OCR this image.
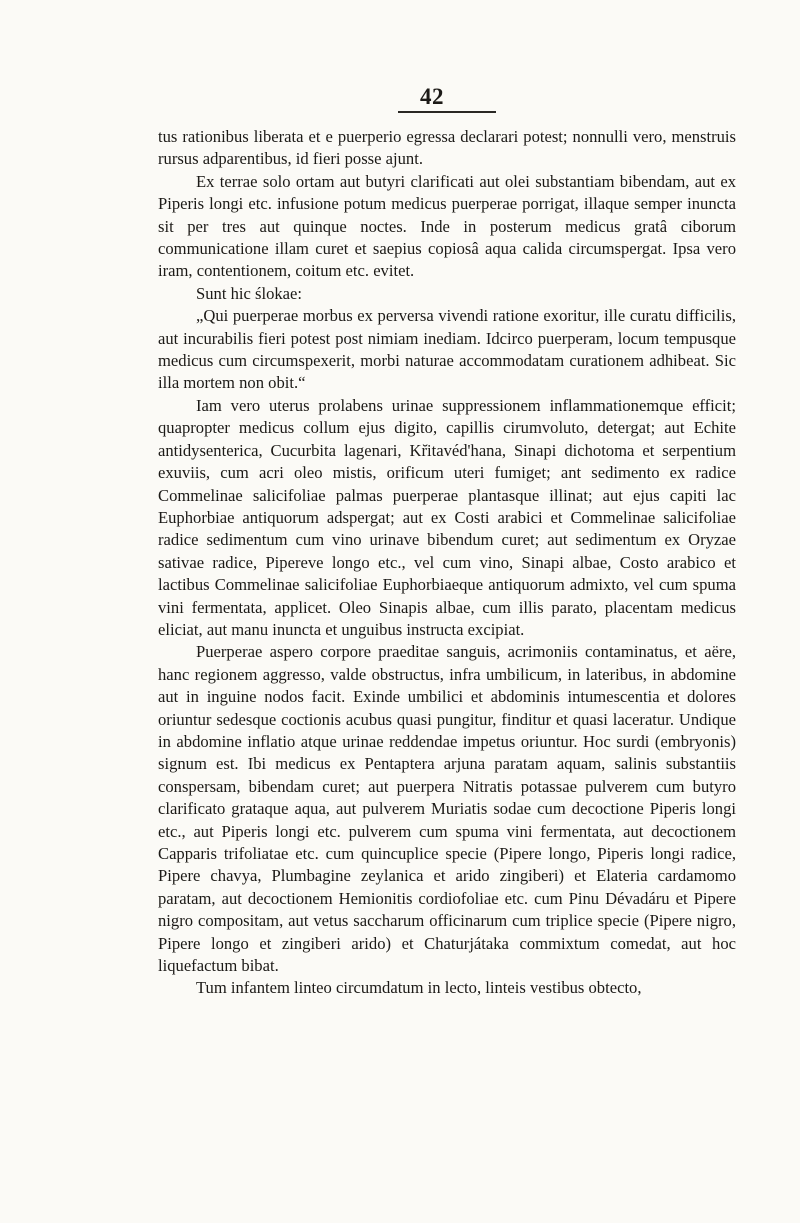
42

tus rationibus liberata et e puerperio egressa declarari potest; nonnulli vero, menstruis rursus adparentibus, id fieri posse ajunt.

Ex terrae solo ortam aut butyri clarificati aut olei substantiam bibendam, aut ex Piperis longi etc. infusione potum medicus puerperae porrigat, illaque semper inuncta sit per tres aut quinque noctes. Inde in posterum medicus gratâ ciborum communicatione illam curet et saepius copiosâ aqua calida circumspergat. Ipsa vero iram, contentionem, coitum etc. evitet.

Sunt hic ślokae:

„Qui puerperae morbus ex perversa vivendi ratione exoritur, ille curatu difficilis, aut incurabilis fieri potest post nimiam inediam. Idcirco puerperam, locum tempusque medicus cum circumspexerit, morbi naturae accommodatam curationem adhibeat. Sic illa mortem non obit.“

Iam vero uterus prolabens urinae suppressionem inflammationemque efficit; quapropter medicus collum ejus digito, capillis cirumvoluto, detergat; aut Echite antidysenterica, Cucurbita lagenari, Kr̆itavéd'hana, Sinapi dichotoma et serpentium exuviis, cum acri oleo mistis, orificum uteri fumiget; ant sedimento ex radice Commelinae salicifoliae palmas puerperae plantasque illinat; aut ejus capiti lac Euphorbiae antiquorum adspergat; aut ex Costi arabici et Commelinae salicifoliae radice sedimentum cum vino urinave bibendum curet; aut sedimentum ex Oryzae sativae radice, Pipereve longo etc., vel cum vino, Sinapi albae, Costo arabico et lactibus Commelinae salicifoliae Euphorbiaeque antiquorum admixto, vel cum spuma vini fermentata, applicet. Oleo Sinapis albae, cum illis parato, placentam medicus eliciat, aut manu inuncta et unguibus instructa excipiat.

Puerperae aspero corpore praeditae sanguis, acrimoniis contaminatus, et aëre, hanc regionem aggresso, valde obstructus, infra umbilicum, in lateribus, in abdomine aut in inguine nodos facit. Exinde umbilici et abdominis intumescentia et dolores oriuntur sedesque coctionis acubus quasi pungitur, finditur et quasi laceratur. Undique in abdomine inflatio atque urinae reddendae impetus oriuntur. Hoc surdi (embryonis) signum est. Ibi medicus ex Pentaptera arjuna paratam aquam, salinis substantiis conspersam, bibendam curet; aut puerpera Nitratis potassae pulverem cum butyro clarificato grataque aqua, aut pulverem Muriatis sodae cum decoctione Piperis longi etc., aut Piperis longi etc. pulverem cum spuma vini fermentata, aut decoctionem Capparis trifoliatae etc. cum quincuplice specie (Pipere longo, Piperis longi radice, Pipere chavya, Plumbagine zeylanica et arido zingiberi) et Elateria cardamomo paratam, aut decoctionem Hemionitis cordiofoliae etc. cum Pinu Dévadáru et Pipere nigro compositam, aut vetus saccharum officinarum cum triplice specie (Pipere nigro, Pipere longo et zingiberi arido) et Chaturjátaka commixtum comedat, aut hoc liquefactum bibat.

Tum infantem linteo circumdatum in lecto, linteis vestibus obtecto,
